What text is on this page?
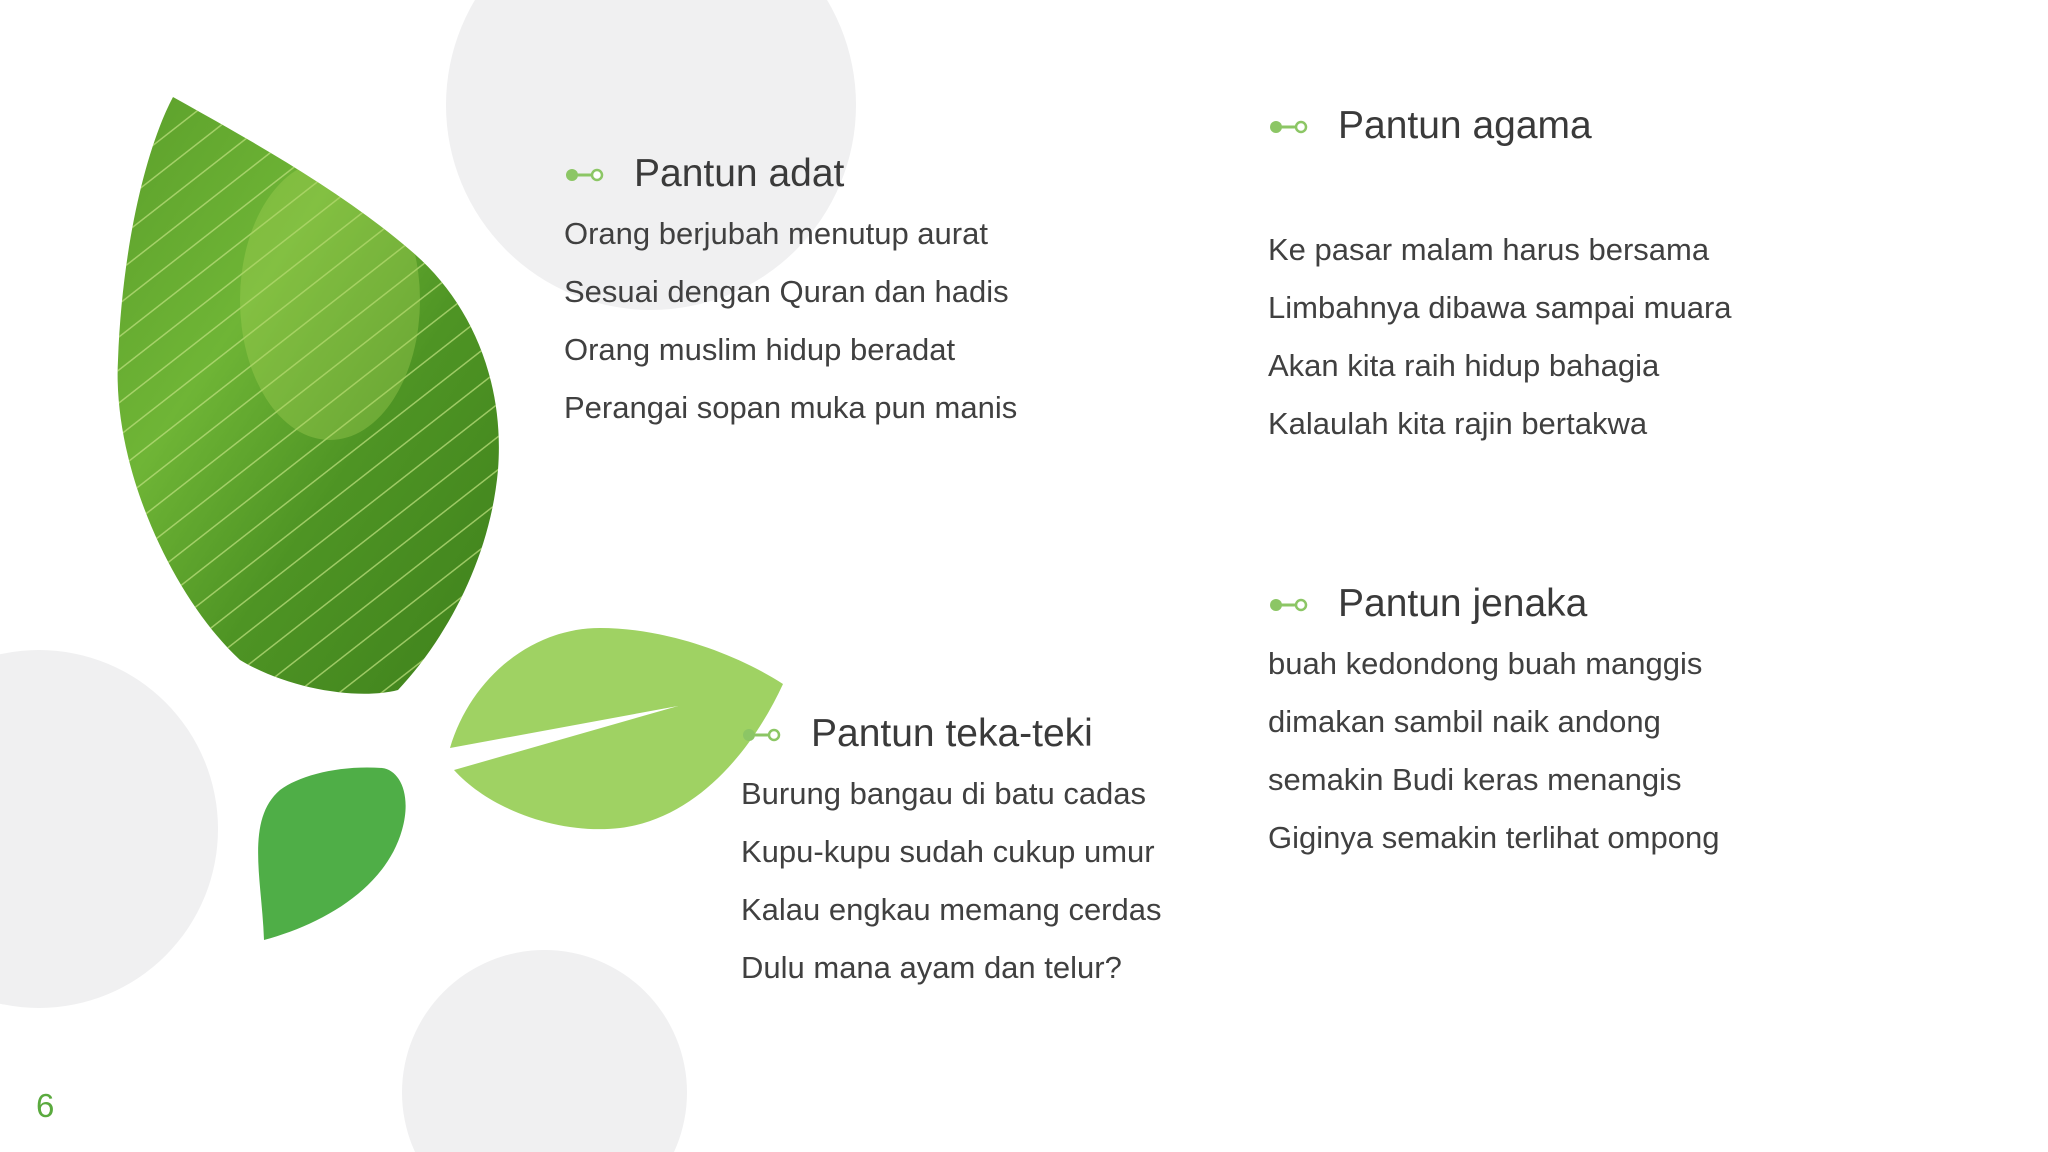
Pantun adat
Orang berjubah menutup aurat
Sesuai dengan Quran dan hadis
Orang muslim hidup beradat
Perangai sopan muka pun manis
Pantun agama
Ke pasar malam harus bersama
Limbahnya dibawa sampai muara
Akan kita raih hidup bahagia
Kalaulah kita rajin bertakwa
Pantun jenaka
buah kedondong buah manggis
dimakan sambil naik andong
semakin Budi keras menangis
Giginya semakin terlihat ompong
Pantun teka-teki
Burung bangau di batu cadas
Kupu-kupu sudah cukup umur
Kalau engkau memang cerdas
Dulu mana ayam dan telur?
6
